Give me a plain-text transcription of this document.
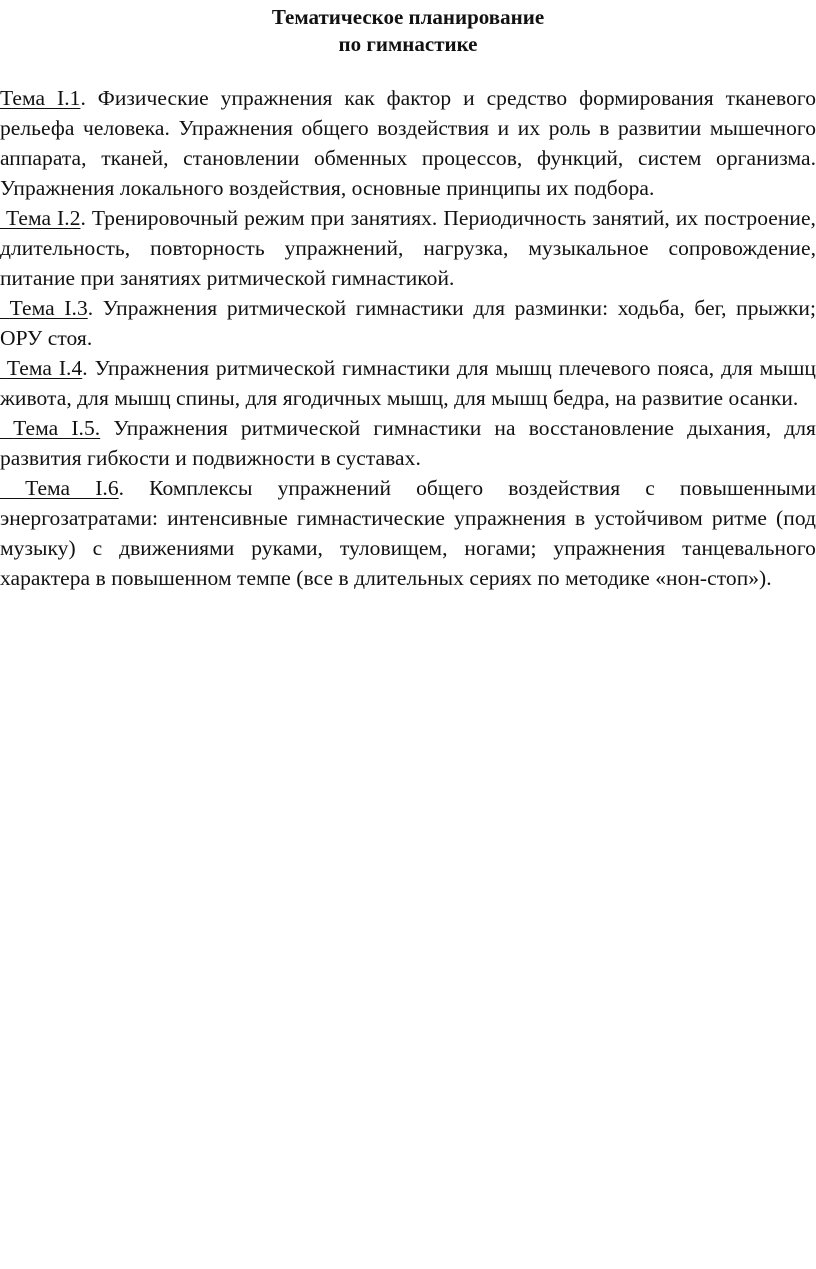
Тематическое планирование
по гимнастике

Тема I.1. Физические упражнения как фактор и средство формирования тканевого рельефа человека. Упражнения общего воздействия и их роль в развитии мышечного аппарата, тканей, становлении обменных процессов, функций, систем организма. Упражнения локального воздействия, основные принципы их подбора.

Тема I.2. Тренировочный режим при занятиях. Периодичность занятий, их построение, длительность, повторность упражнений, нагрузка, музыкальное сопровождение, питание при занятиях ритмической гимнастикой.

Тема I.3. Упражнения ритмической гимнастики для разминки: ходьба, бег, прыжки; ОРУ стоя.

Тема I.4. Упражнения ритмической гимнастики для мышц плечевого пояса, для мышц живота, для мышц спины, для ягодичных мышц, для мышц бедра, на развитие осанки.

Тема I.5. Упражнения ритмической гимнастики на восстановление дыхания, для развития гибкости и подвижности в суставах.

Тема I.6. Комплексы упражнений общего воздействия с повышенными энергозатратами: интенсивные гимнастические упражнения в устойчивом ритме (под музыку) с движениями руками, туловищем, ногами; упражнения танцевального характера в повышенном темпе (все в длительных сериях по методике «нон-стоп»).
